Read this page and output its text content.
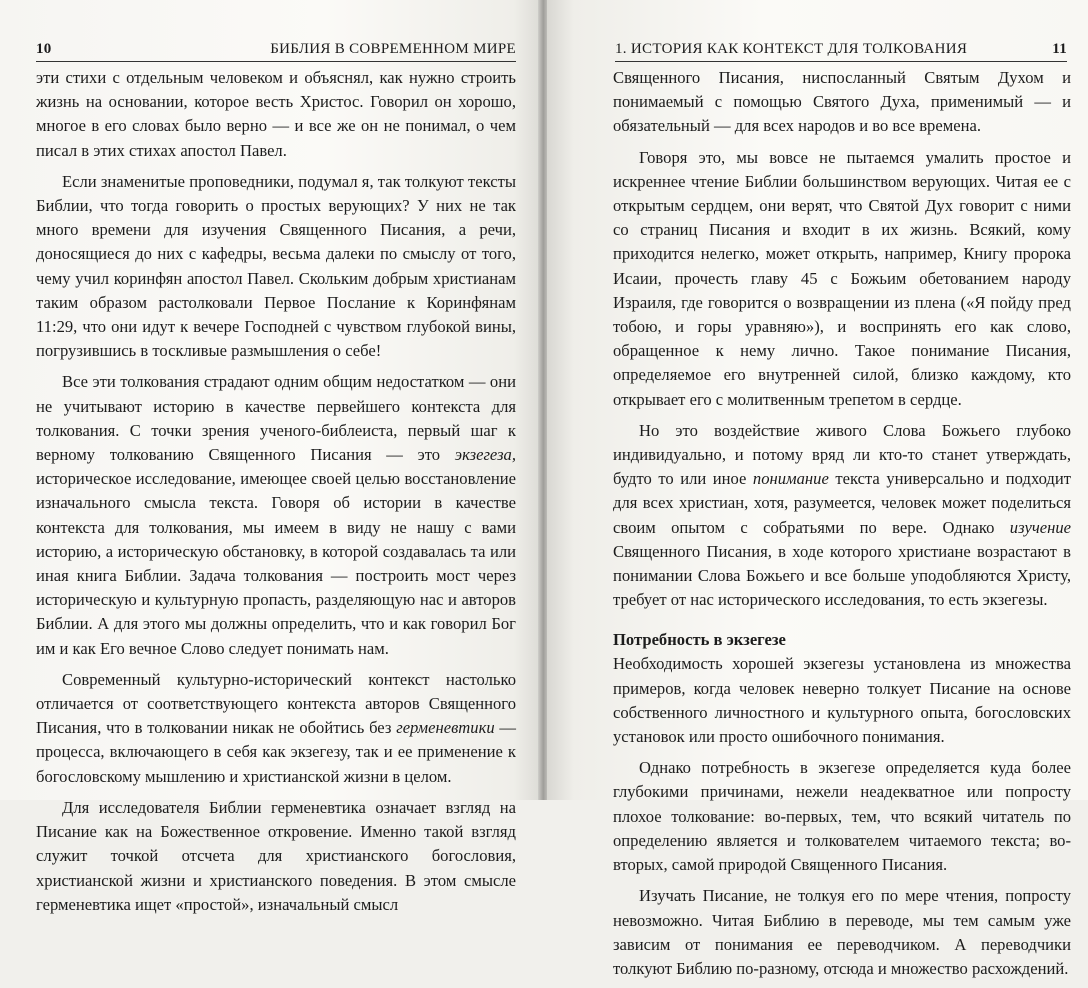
10	БИБЛИЯ В СОВРЕМЕННОМ МИРЕ

эти стихи с отдельным человеком и объяснял, как нужно строить жизнь на основании, которое весть Христос. Говорил он хорошо, многое в его словах было верно — и все же он не понимал, о чем писал в этих стихах апостол Павел.

Если знаменитые проповедники, подумал я, так толкуют тексты Библии, что тогда говорить о простых верующих? У них не так много времени для изучения Священного Писания, а речи, доносящиеся до них с кафедры, весьма далеки по смыслу от того, чему учил коринфян апостол Павел. Скольким добрым христианам таким образом растолковали Первое Послание к Коринфянам 11:29, что они идут к вечере Господней с чувством глубокой вины, погрузившись в тоскливые размышления о себе!

Все эти толкования страдают одним общим недостатком — они не учитывают историю в качестве первейшего контекста для толкования. С точки зрения ученого-библеиста, первый шаг к верному толкованию Священного Писания — это экзегеза, историческое исследование, имеющее своей целью восстановление изначального смысла текста. Говоря об истории в качестве контекста для толкования, мы имеем в виду не нашу с вами историю, а историческую обстановку, в которой создавалась та или иная книга Библии. Задача толкования — построить мост через историческую и культурную пропасть, разделяющую нас и авторов Библии. А для этого мы должны определить, что и как говорил Бог им и как Его вечное Слово следует понимать нам.

Современный культурно-исторический контекст настолько отличается от соответствующего контекста авторов Священного Писания, что в толковании никак не обойтись без герменевтики — процесса, включающего в себя как экзегезу, так и ее применение к богословскому мышлению и христианской жизни в целом.

Для исследователя Библии герменевтика означает взгляд на Писание как на Божественное откровение. Именно такой взгляд служит точкой отсчета для христианского богословия, христианской жизни и христианского поведения. В этом смысле герменевтика ищет «простой», изначальный смысл

1. ИСТОРИЯ КАК КОНТЕКСТ ДЛЯ ТОЛКОВАНИЯ	11

Священного Писания, ниспосланный Святым Духом и понимаемый с помощью Святого Духа, применимый — и обязательный — для всех народов и во все времена.

Говоря это, мы вовсе не пытаемся умалить простое и искреннее чтение Библии большинством верующих. Читая ее с открытым сердцем, они верят, что Святой Дух говорит с ними со страниц Писания и входит в их жизнь. Всякий, кому приходится нелегко, может открыть, например, Книгу пророка Исаии, прочесть главу 45 с Божьим обетованием народу Израиля, где говорится о возвращении из плена («Я пойду пред тобою, и горы уравняю»), и воспринять его как слово, обращенное к нему лично. Такое понимание Писания, определяемое его внутренней силой, близко каждому, кто открывает его с молитвенным трепетом в сердце.

Но это воздействие живого Слова Божьего глубоко индивидуально, и потому вряд ли кто-то станет утверждать, будто то или иное понимание текста универсально и подходит для всех христиан, хотя, разумеется, человек может поделиться своим опытом с собратьями по вере. Однако изучение Священного Писания, в ходе которого христиане возрастают в понимании Слова Божьего и все больше уподобляются Христу, требует от нас исторического исследования, то есть экзегезы.

Потребность в экзегезе

Необходимость хорошей экзегезы установлена из множества примеров, когда человек неверно толкует Писание на основе собственного личностного и культурного опыта, богословских установок или просто ошибочного понимания.

Однако потребность в экзегезе определяется куда более глубокими причинами, нежели неадекватное или попросту плохое толкование: во-первых, тем, что всякий читатель по определению является и толкователем читаемого текста; во-вторых, самой природой Священного Писания.

Изучать Писание, не толкуя его по мере чтения, попросту невозможно. Читая Библию в переводе, мы тем самым уже зависим от понимания ее переводчиком. А переводчики толкуют Библию по-разному, отсюда и множество расхождений.
